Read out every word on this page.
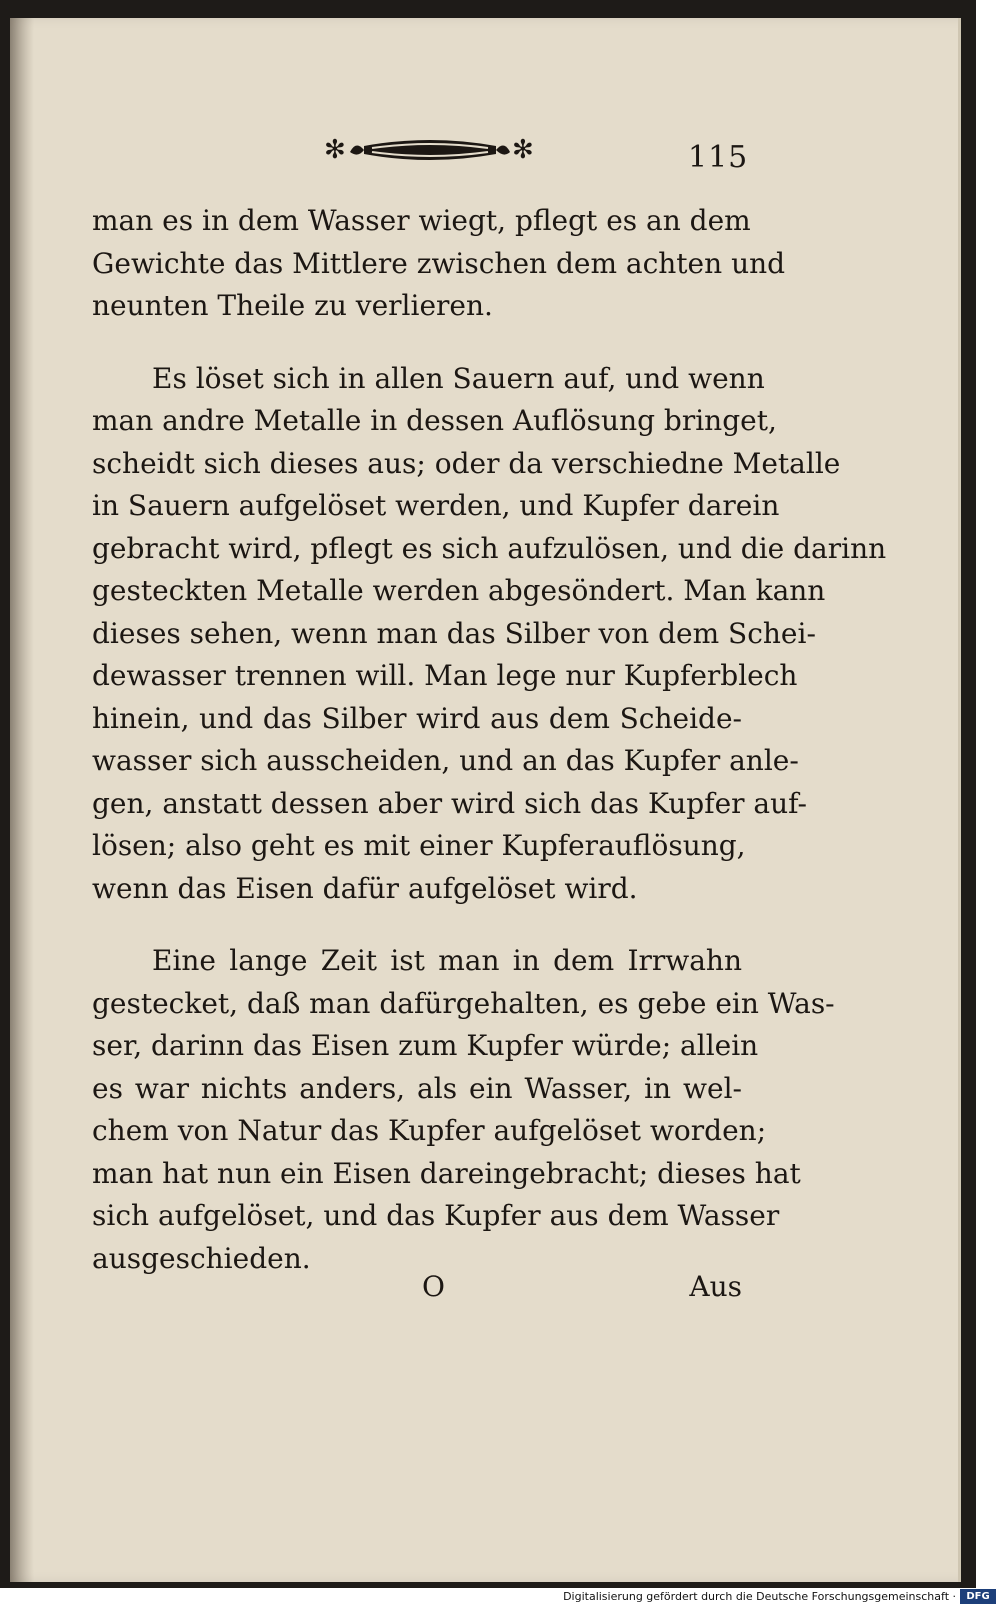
✻	✻	115
man es in dem Wasser wiegt, pflegt es an dem
Gewichte das Mittlere zwischen dem achten und
neunten Theile zu verlieren.
Es löset sich in allen Sauern auf, und wenn
man andre Metalle in dessen Auflösung bringet,
scheidt sich dieses aus; oder da verschiedne Metalle
in Sauern aufgelöset werden, und Kupfer darein
gebracht wird, pflegt es sich aufzulösen, und die darinn
gesteckten Metalle werden abgesöndert. Man kann
dieses sehen, wenn man das Silber von dem Schei-
dewasser trennen will. Man lege nur Kupferblech
hinein, und das Silber wird aus dem Scheide-
wasser sich ausscheiden, und an das Kupfer anle-
gen, anstatt dessen aber wird sich das Kupfer auf-
lösen; also geht es mit einer Kupferauflösung,
wenn das Eisen dafür aufgelöset wird.
Eine lange Zeit ist man in dem Irrwahn
gestecket, daß man dafürgehalten, es gebe ein Was-
ser, darinn das Eisen zum Kupfer würde; allein
es war nichts anders, als ein Wasser, in wel-
chem von Natur das Kupfer aufgelöset worden;
man hat nun ein Eisen dareingebracht; dieses hat
sich aufgelöset, und das Kupfer aus dem Wasser
ausgeschieden.
O	Aus
Digitalisierung gefördert durch die Deutsche Forschungsgemeinschaft ·	DFG
